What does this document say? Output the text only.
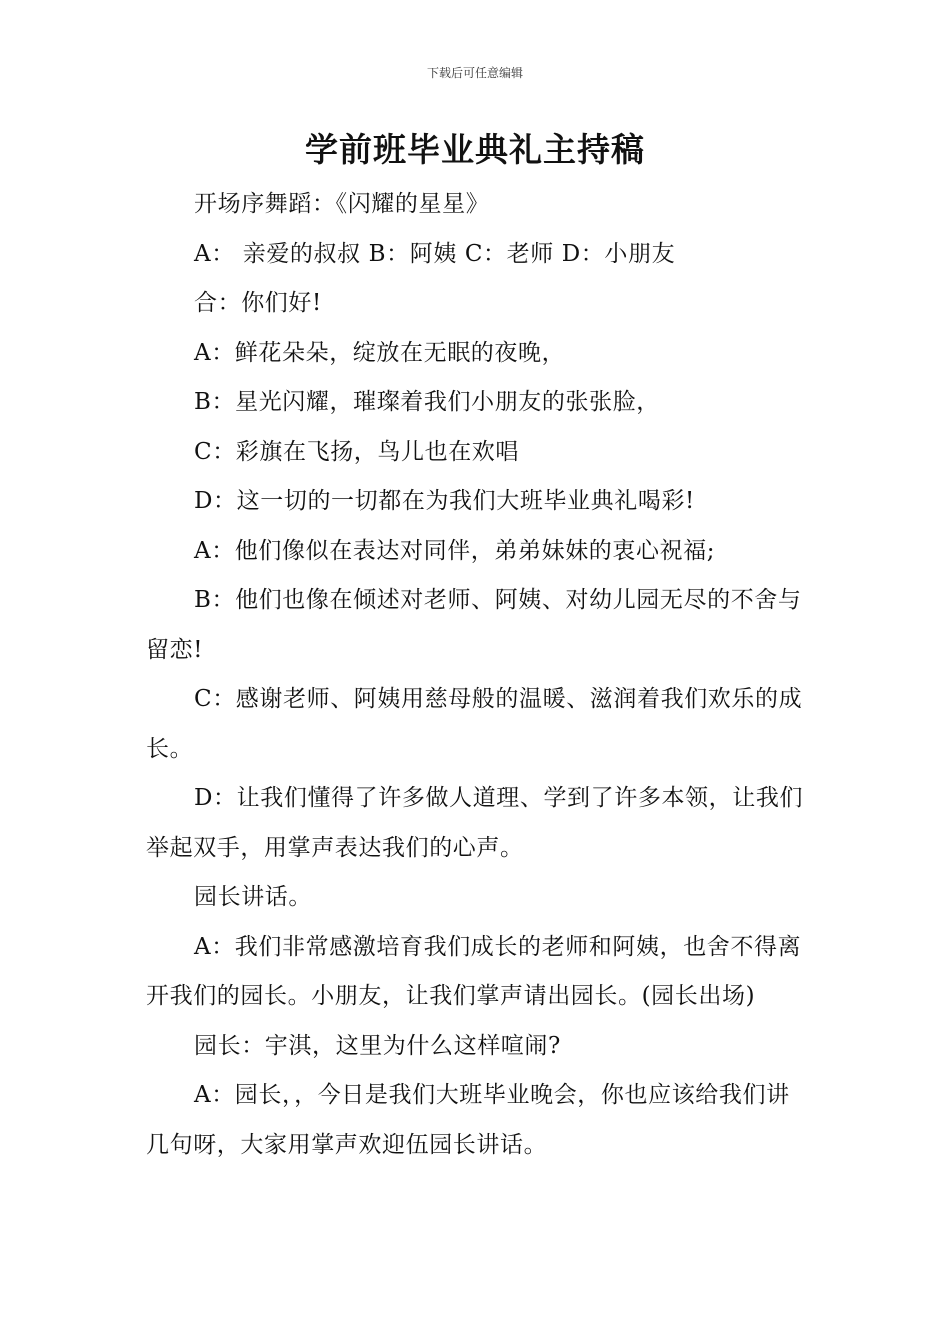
下载后可任意编辑
学前班毕业典礼主持稿

开场序舞蹈：《闪耀的星星》

A： 亲爱的叔叔 B：阿姨 C：老师 D：小朋友

合：你们好!

A：鲜花朵朵，绽放在无眠的夜晚，

B：星光闪耀，璀璨着我们小朋友的张张脸，

C：彩旗在飞扬，鸟儿也在欢唱

D：这一切的一切都在为我们大班毕业典礼喝彩!

A：他们像似在表达对同伴，弟弟妹妹的衷心祝福;

B：他们也像在倾述对老师、阿姨、对幼儿园无尽的不舍与留恋!

C：感谢老师、阿姨用慈母般的温暖、滋润着我们欢乐的成长。

D：让我们懂得了许多做人道理、学到了许多本领，让我们举起双手，用掌声表达我们的心声。

园长讲话。

A：我们非常感激培育我们成长的老师和阿姨，也舍不得离开我们的园长。小朋友，让我们掌声请出园长。(园长出场)

园长：宇淇，这里为什么这样喧闹?

A：园长，，今日是我们大班毕业晚会，你也应该给我们讲几句呀，大家用掌声欢迎伍园长讲话。
